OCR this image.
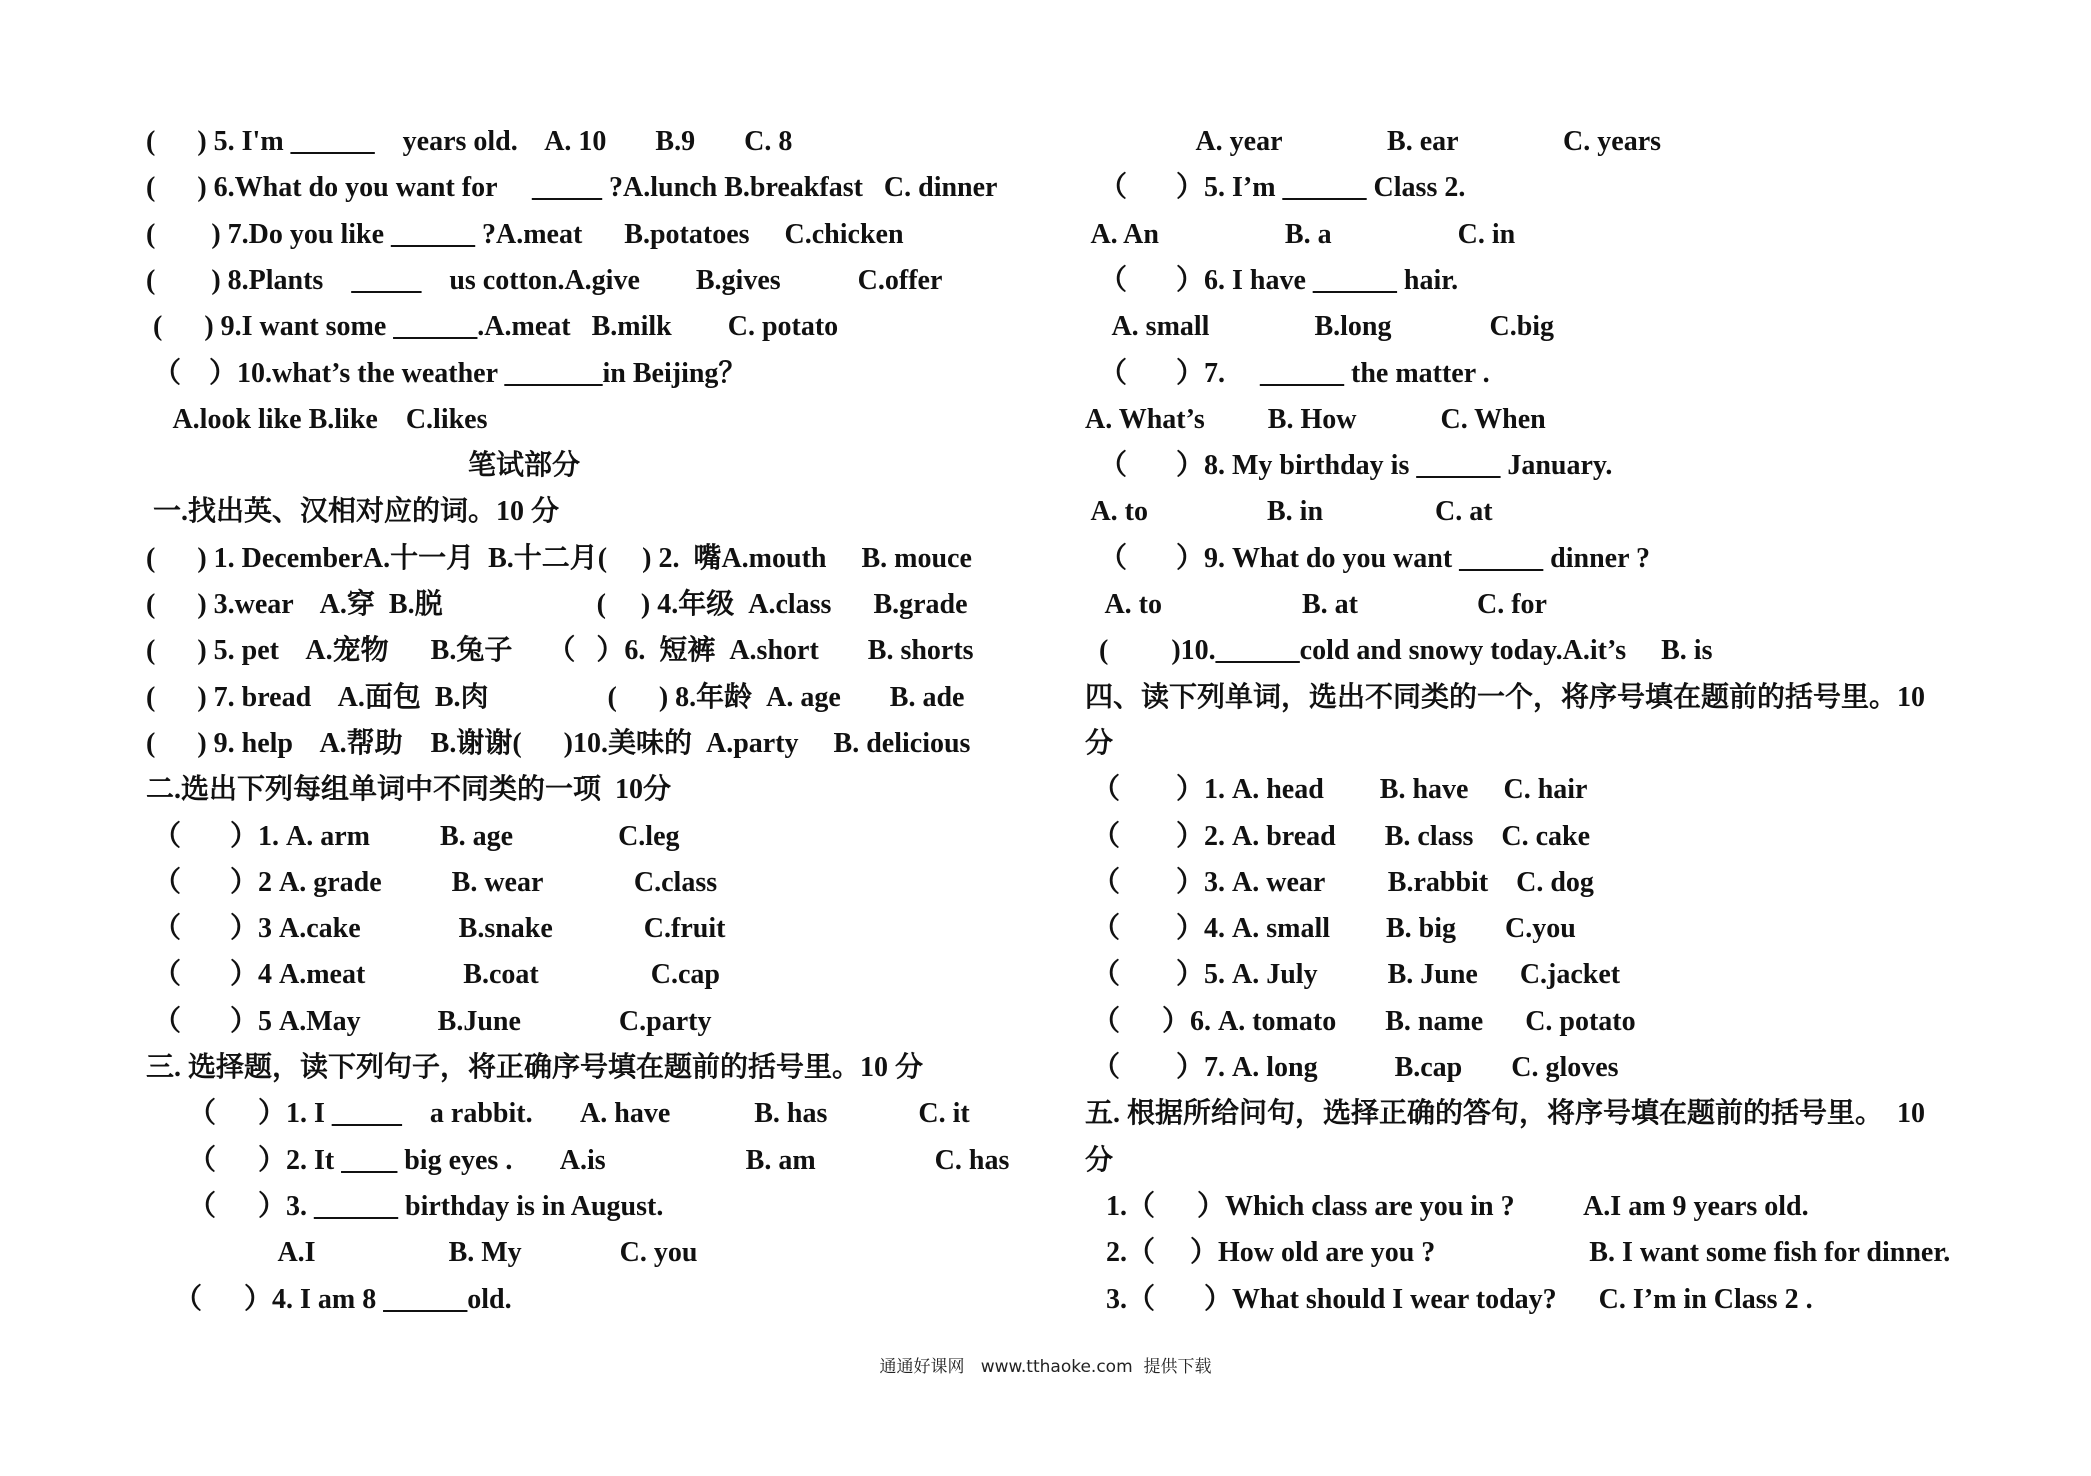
(      ) 5. I'm ______    years old.    A. 10       B.9       C. 8
(      ) 6.What do you want for     _____ ?A.lunch B.breakfast   C. dinner
(        ) 7.Do you like ______ ?A.meat      B.potatoes     C.chicken
(        ) 8.Plants    _____    us cotton.A.give        B.gives           C.offer
(      ) 9.I want some ______.A.meat   B.milk        C. potato
（    ）10.what’s the weather _______in Beijing？
A.look like B.like    C.likes
笔试部分
一.找出英、汉相对应的词。10 分
(      ) 1. DecemberA.十一月  B.十二月(     ) 2.  嘴A.mouth     B. mouce
(      ) 3.wear    A.穿  B.脱                      (     ) 4.年级  A.class      B.grade
(      ) 5. pet    A.宠物      B.兔子     （   ）6.  短裤  A.short       B. shorts
(      ) 7. bread    A.面包  B.肉                 (      ) 8.年龄  A. age       B. ade
(      ) 9. help    A.帮助    B.谢谢(      )10.美味的  A.party     B. delicious
二.选出下列每组单词中不同类的一项  10分
（       ）1. A. arm          B. age               C.leg
（       ）2 A. grade          B. wear             C.class
（       ）3 A.cake              B.snake             C.fruit
（       ）4 A.meat              B.coat                C.cap
（       ）5 A.May           B.June              C.party
三. 选择题，读下列句子，将正确序号填在题前的括号里。10 分
（      ）1. I _____    a rabbit.       A. have            B. has             C. it
（      ）2. It ____ big eyes .       A.is                    B. am                 C. has
（      ）3. ______ birthday is in August.
A.I                   B. My              C. you
（      ）4. I am 8 ______old.
A. year               B. ear               C. years
（       ）5. I’m ______ Class 2.
A. An                  B. a                  C. in
（       ）6. I have ______ hair.
A. small               B.long              C.big
（       ）7.     ______ the matter .
A. What’s         B. How            C. When
（       ）8. My birthday is ______ January.
A. to                 B. in                C. at
（       ）9. What do you want ______ dinner ?
A. to                    B. at                 C. for
(         )10.______cold and snowy today.A.it’s     B. is
四、读下列单词，选出不同类的一个，将序号填在题前的括号里。10
分
（        ）1. A. head        B. have     C. hair
（        ）2. A. bread       B. class    C. cake
（        ）3. A. wear         B.rabbit    C. dog
（        ）4. A. small        B. big       C.you
（        ）5. A. July          B. June      C.jacket
（      ）6. A. tomato       B. name      C. potato
（        ）7. A. long           B.cap       C. gloves
五. 根据所给问句，选择正确的答句，将序号填在题前的括号里。  10
分
1.（      ）Which class are you in ?          A.I am 9 years old.
2.（     ）How old are you ?                      B. I want some fish for dinner.
3.（       ）What should I wear today?      C. I’m in Class 2 .
通通好课网   www.tthaoke.com  提供下载
